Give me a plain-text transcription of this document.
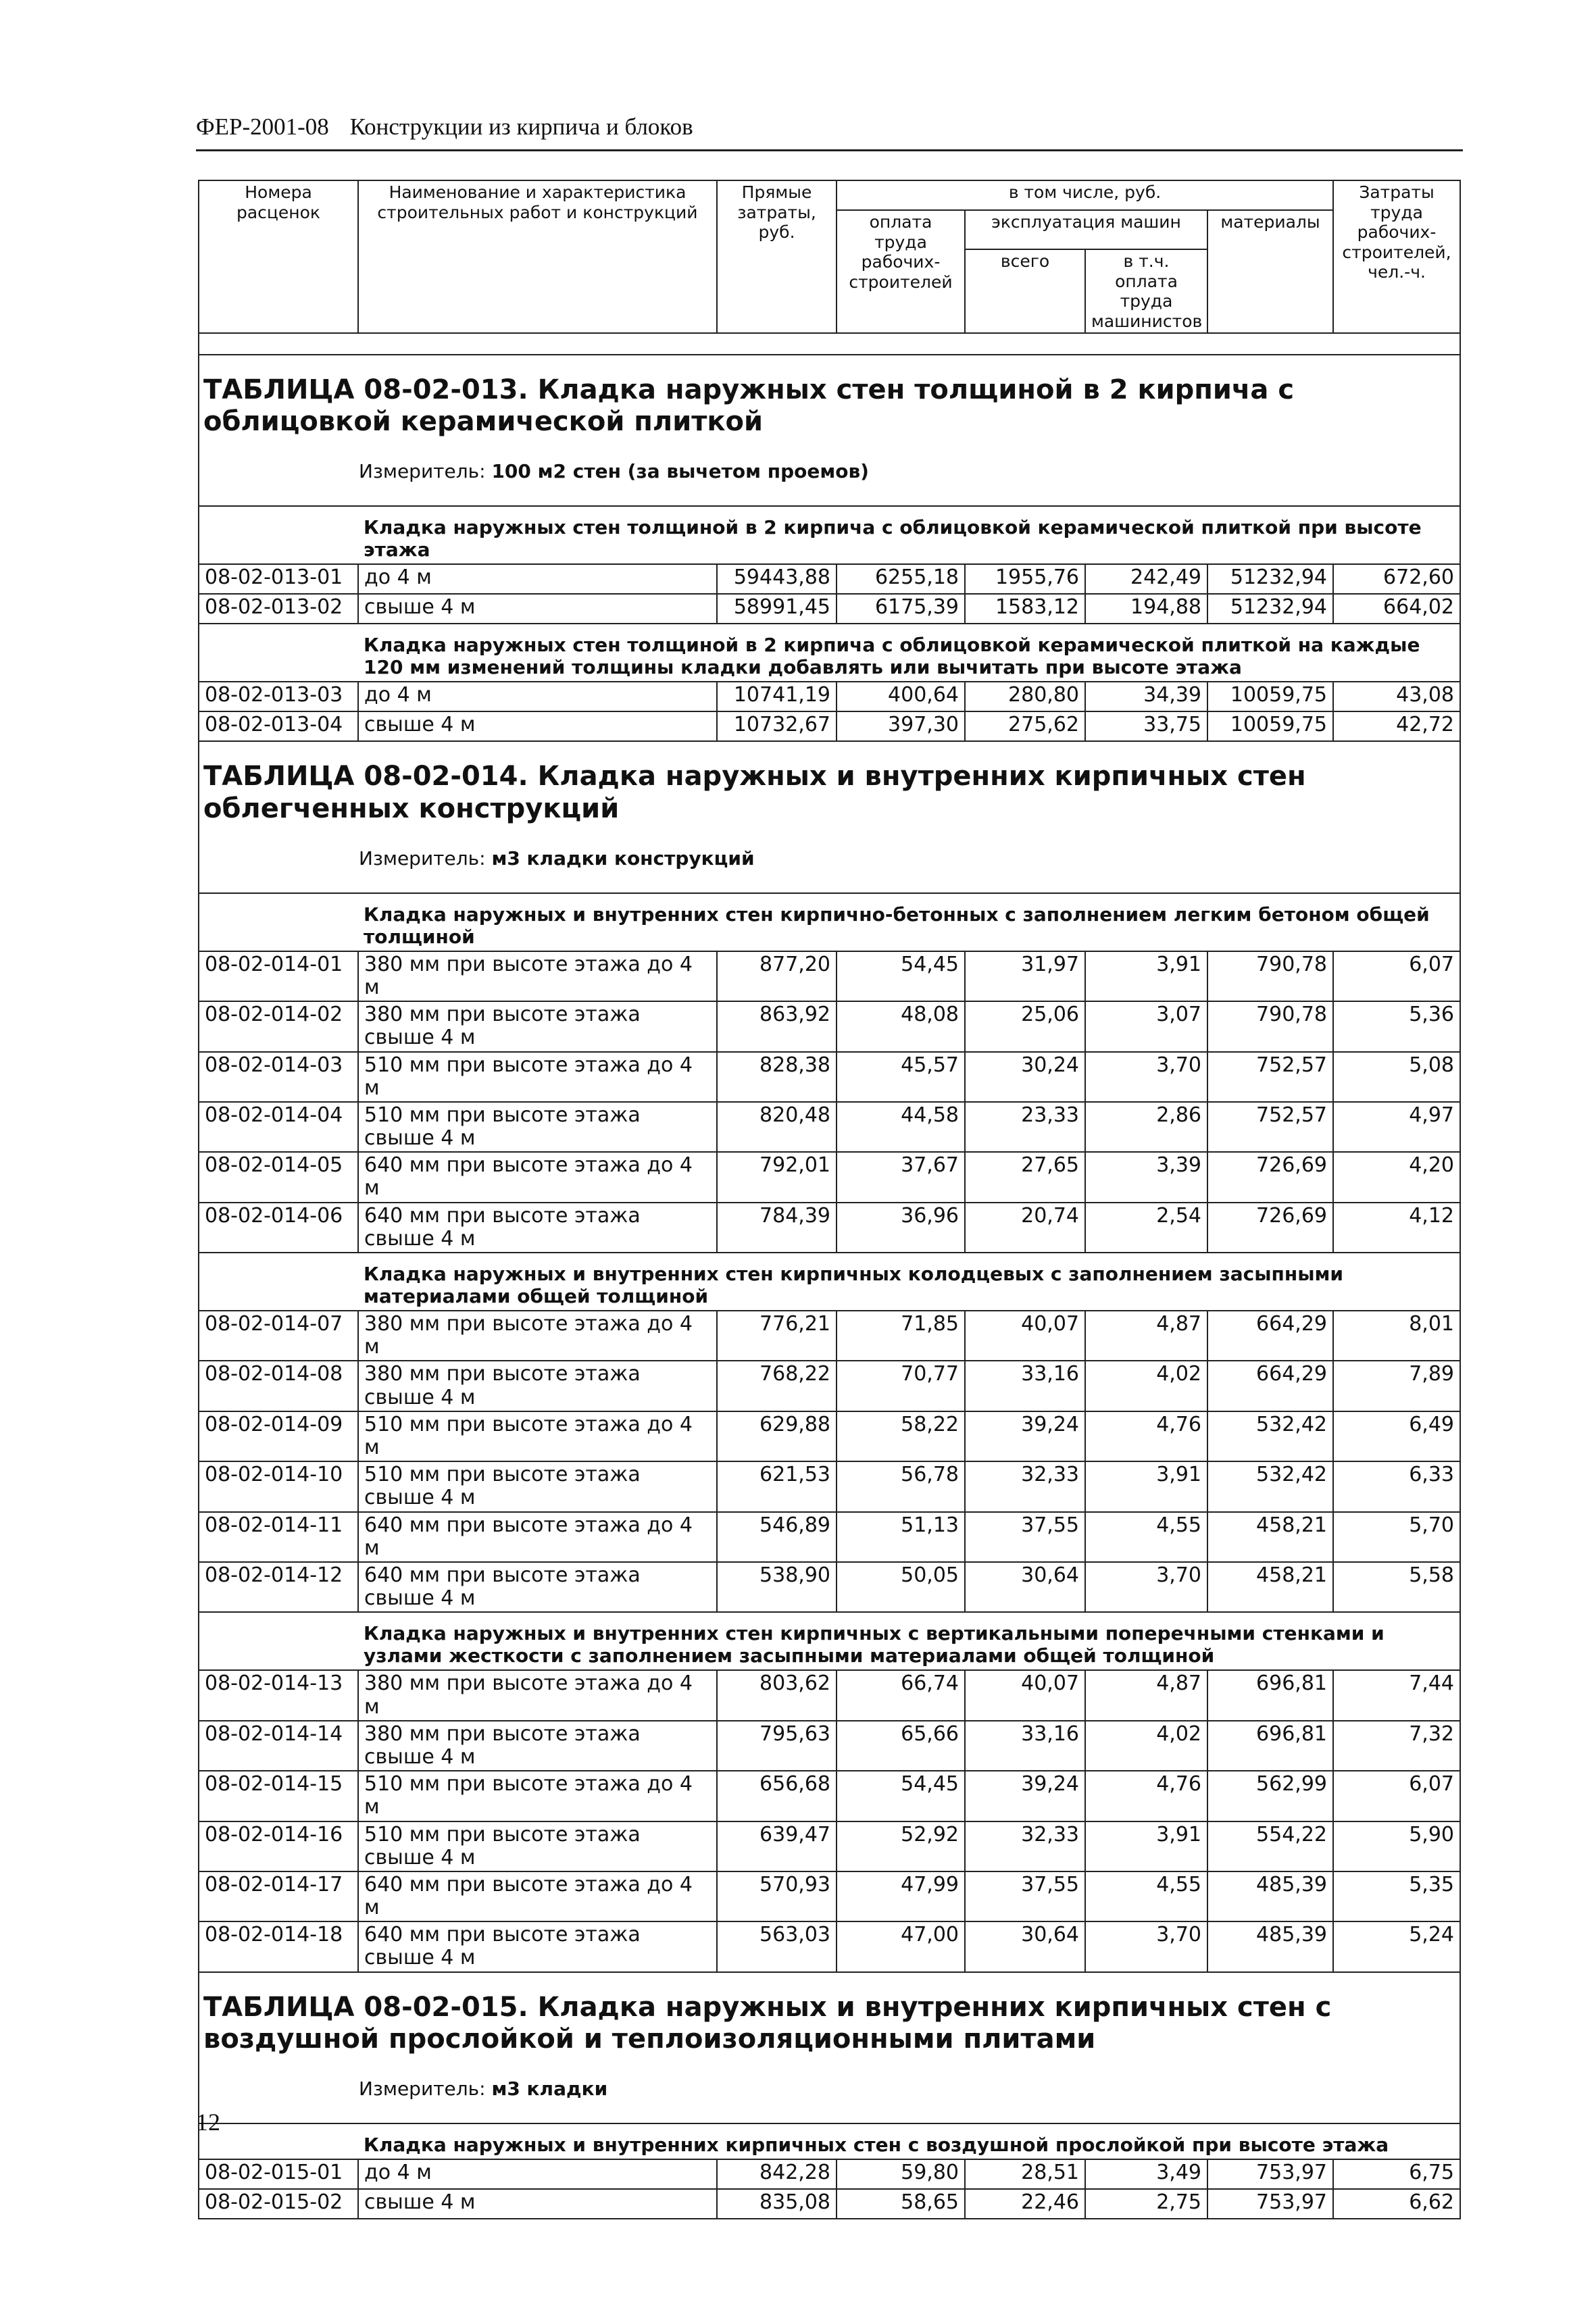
ФЕР-2001-08 Конструкции из кирпича и блоков
Номера расценок	Наименование и характеристика строительных работ и конструкций	Прямые затраты, руб.	в том числе, руб.				Затраты труда рабочих-строителей, чел.-ч.
			оплата труда рабочих-строителей	эксплуатация машин		материалы	
				всего	в т.ч. оплата труда машинистов		

ТАБЛИЦА 08-02-013. Кладка наружных стен толщиной в 2 кирпича с облицовкой керамической плиткой							
Измеритель: 100 м2 стен (за вычетом проемов)							
	Кладка наружных стен толщиной в 2 кирпича с облицовкой керамической плиткой при высоте этажа						
08-02-013-01	до 4 м	59443,88	6255,18	1955,76	242,49	51232,94	672,60
08-02-013-02	свыше 4 м	58991,45	6175,39	1583,12	194,88	51232,94	664,02
	Кладка наружных стен толщиной в 2 кирпича с облицовкой керамической плиткой на каждые 120 мм изменений толщины кладки добавлять или вычитать при высоте этажа						
08-02-013-03	до 4 м	10741,19	400,64	280,80	34,39	10059,75	43,08
08-02-013-04	свыше 4 м	10732,67	397,30	275,62	33,75	10059,75	42,72
ТАБЛИЦА 08-02-014. Кладка наружных и внутренних кирпичных стен облегченных конструкций							
Измеритель: м3 кладки конструкций							
	Кладка наружных и внутренних стен кирпично-бетонных с заполнением легким бетоном общей толщиной						
08-02-014-01	380 мм при высоте этажа до 4 м	877,20	54,45	31,97	3,91	790,78	6,07
08-02-014-02	380 мм при высоте этажа свыше 4 м	863,92	48,08	25,06	3,07	790,78	5,36
08-02-014-03	510 мм при высоте этажа до 4 м	828,38	45,57	30,24	3,70	752,57	5,08
08-02-014-04	510 мм при высоте этажа свыше 4 м	820,48	44,58	23,33	2,86	752,57	4,97
08-02-014-05	640 мм при высоте этажа до 4 м	792,01	37,67	27,65	3,39	726,69	4,20
08-02-014-06	640 мм при высоте этажа свыше 4 м	784,39	36,96	20,74	2,54	726,69	4,12
	Кладка наружных и внутренних стен кирпичных колодцевых с заполнением засыпными материалами общей толщиной						
08-02-014-07	380 мм при высоте этажа до 4 м	776,21	71,85	40,07	4,87	664,29	8,01
08-02-014-08	380 мм при высоте этажа свыше 4 м	768,22	70,77	33,16	4,02	664,29	7,89
08-02-014-09	510 мм при высоте этажа до 4 м	629,88	58,22	39,24	4,76	532,42	6,49
08-02-014-10	510 мм при высоте этажа свыше 4 м	621,53	56,78	32,33	3,91	532,42	6,33
08-02-014-11	640 мм при высоте этажа до 4 м	546,89	51,13	37,55	4,55	458,21	5,70
08-02-014-12	640 мм при высоте этажа свыше 4 м	538,90	50,05	30,64	3,70	458,21	5,58
	Кладка наружных и внутренних стен кирпичных с вертикальными поперечными стенками и узлами жесткости с заполнением засыпными материалами общей толщиной						
08-02-014-13	380 мм при высоте этажа до 4 м	803,62	66,74	40,07	4,87	696,81	7,44
08-02-014-14	380 мм при высоте этажа свыше 4 м	795,63	65,66	33,16	4,02	696,81	7,32
08-02-014-15	510 мм при высоте этажа до 4 м	656,68	54,45	39,24	4,76	562,99	6,07
08-02-014-16	510 мм при высоте этажа свыше 4 м	639,47	52,92	32,33	3,91	554,22	5,90
08-02-014-17	640 мм при высоте этажа до 4 м	570,93	47,99	37,55	4,55	485,39	5,35
08-02-014-18	640 мм при высоте этажа свыше 4 м	563,03	47,00	30,64	3,70	485,39	5,24
ТАБЛИЦА 08-02-015. Кладка наружных и внутренних кирпичных стен с воздушной прослойкой и теплоизоляционными плитами							
Измеритель: м3 кладки							
	Кладка наружных и внутренних кирпичных стен с воздушной прослойкой при высоте этажа						
08-02-015-01	до 4 м	842,28	59,80	28,51	3,49	753,97	6,75
08-02-015-02	свыше 4 м	835,08	58,65	22,46	2,75	753,97	6,62
12
